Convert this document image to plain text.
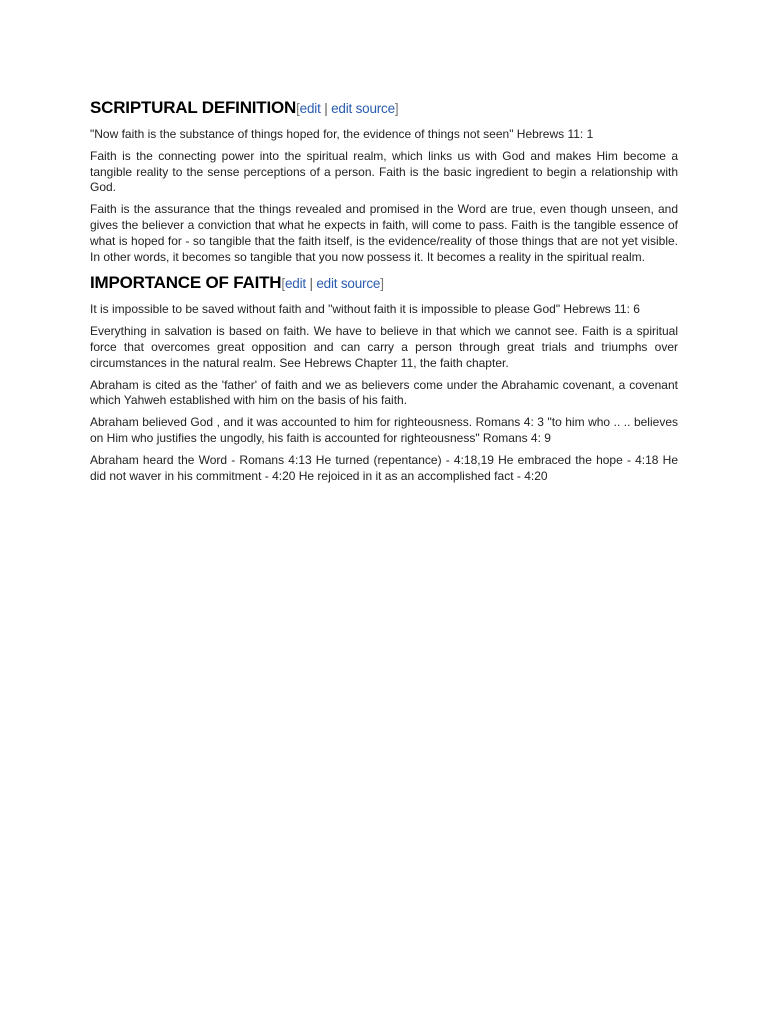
SCRIPTURAL DEFINITION[edit | edit source]

"Now faith is the substance of things hoped for, the evidence of things not seen" Hebrews 11: 1

Faith is the connecting power into the spiritual realm, which links us with God and makes Him become a tangible reality to the sense perceptions of a person. Faith is the basic ingredient to begin a relationship with God.

Faith is the assurance that the things revealed and promised in the Word are true, even though unseen, and gives the believer a conviction that what he expects in faith, will come to pass. Faith is the tangible essence of what is hoped for - so tangible that the faith itself, is the evidence/reality of those things that are not yet visible. In other words, it becomes so tangible that you now possess it. It becomes a reality in the spiritual realm.

IMPORTANCE OF FAITH[edit | edit source]

It is impossible to be saved without faith and "without faith it is impossible to please God" Hebrews 11: 6

Everything in salvation is based on faith. We have to believe in that which we cannot see. Faith is a spiritual force that overcomes great opposition and can carry a person through great trials and triumphs over circumstances in the natural realm. See Hebrews Chapter 11, the faith chapter.

Abraham is cited as the 'father' of faith and we as believers come under the Abrahamic covenant, a covenant which Yahweh established with him on the basis of his faith.

Abraham believed God , and it was accounted to him for righteousness. Romans 4: 3 "to him who .. .. believes on Him who justifies the ungodly, his faith is accounted for righteousness" Romans 4: 9

Abraham heard the Word - Romans 4:13 He turned (repentance) - 4:18,19 He embraced the hope - 4:18 He did not waver in his commitment - 4:20 He rejoiced in it as an accomplished fact - 4:20
